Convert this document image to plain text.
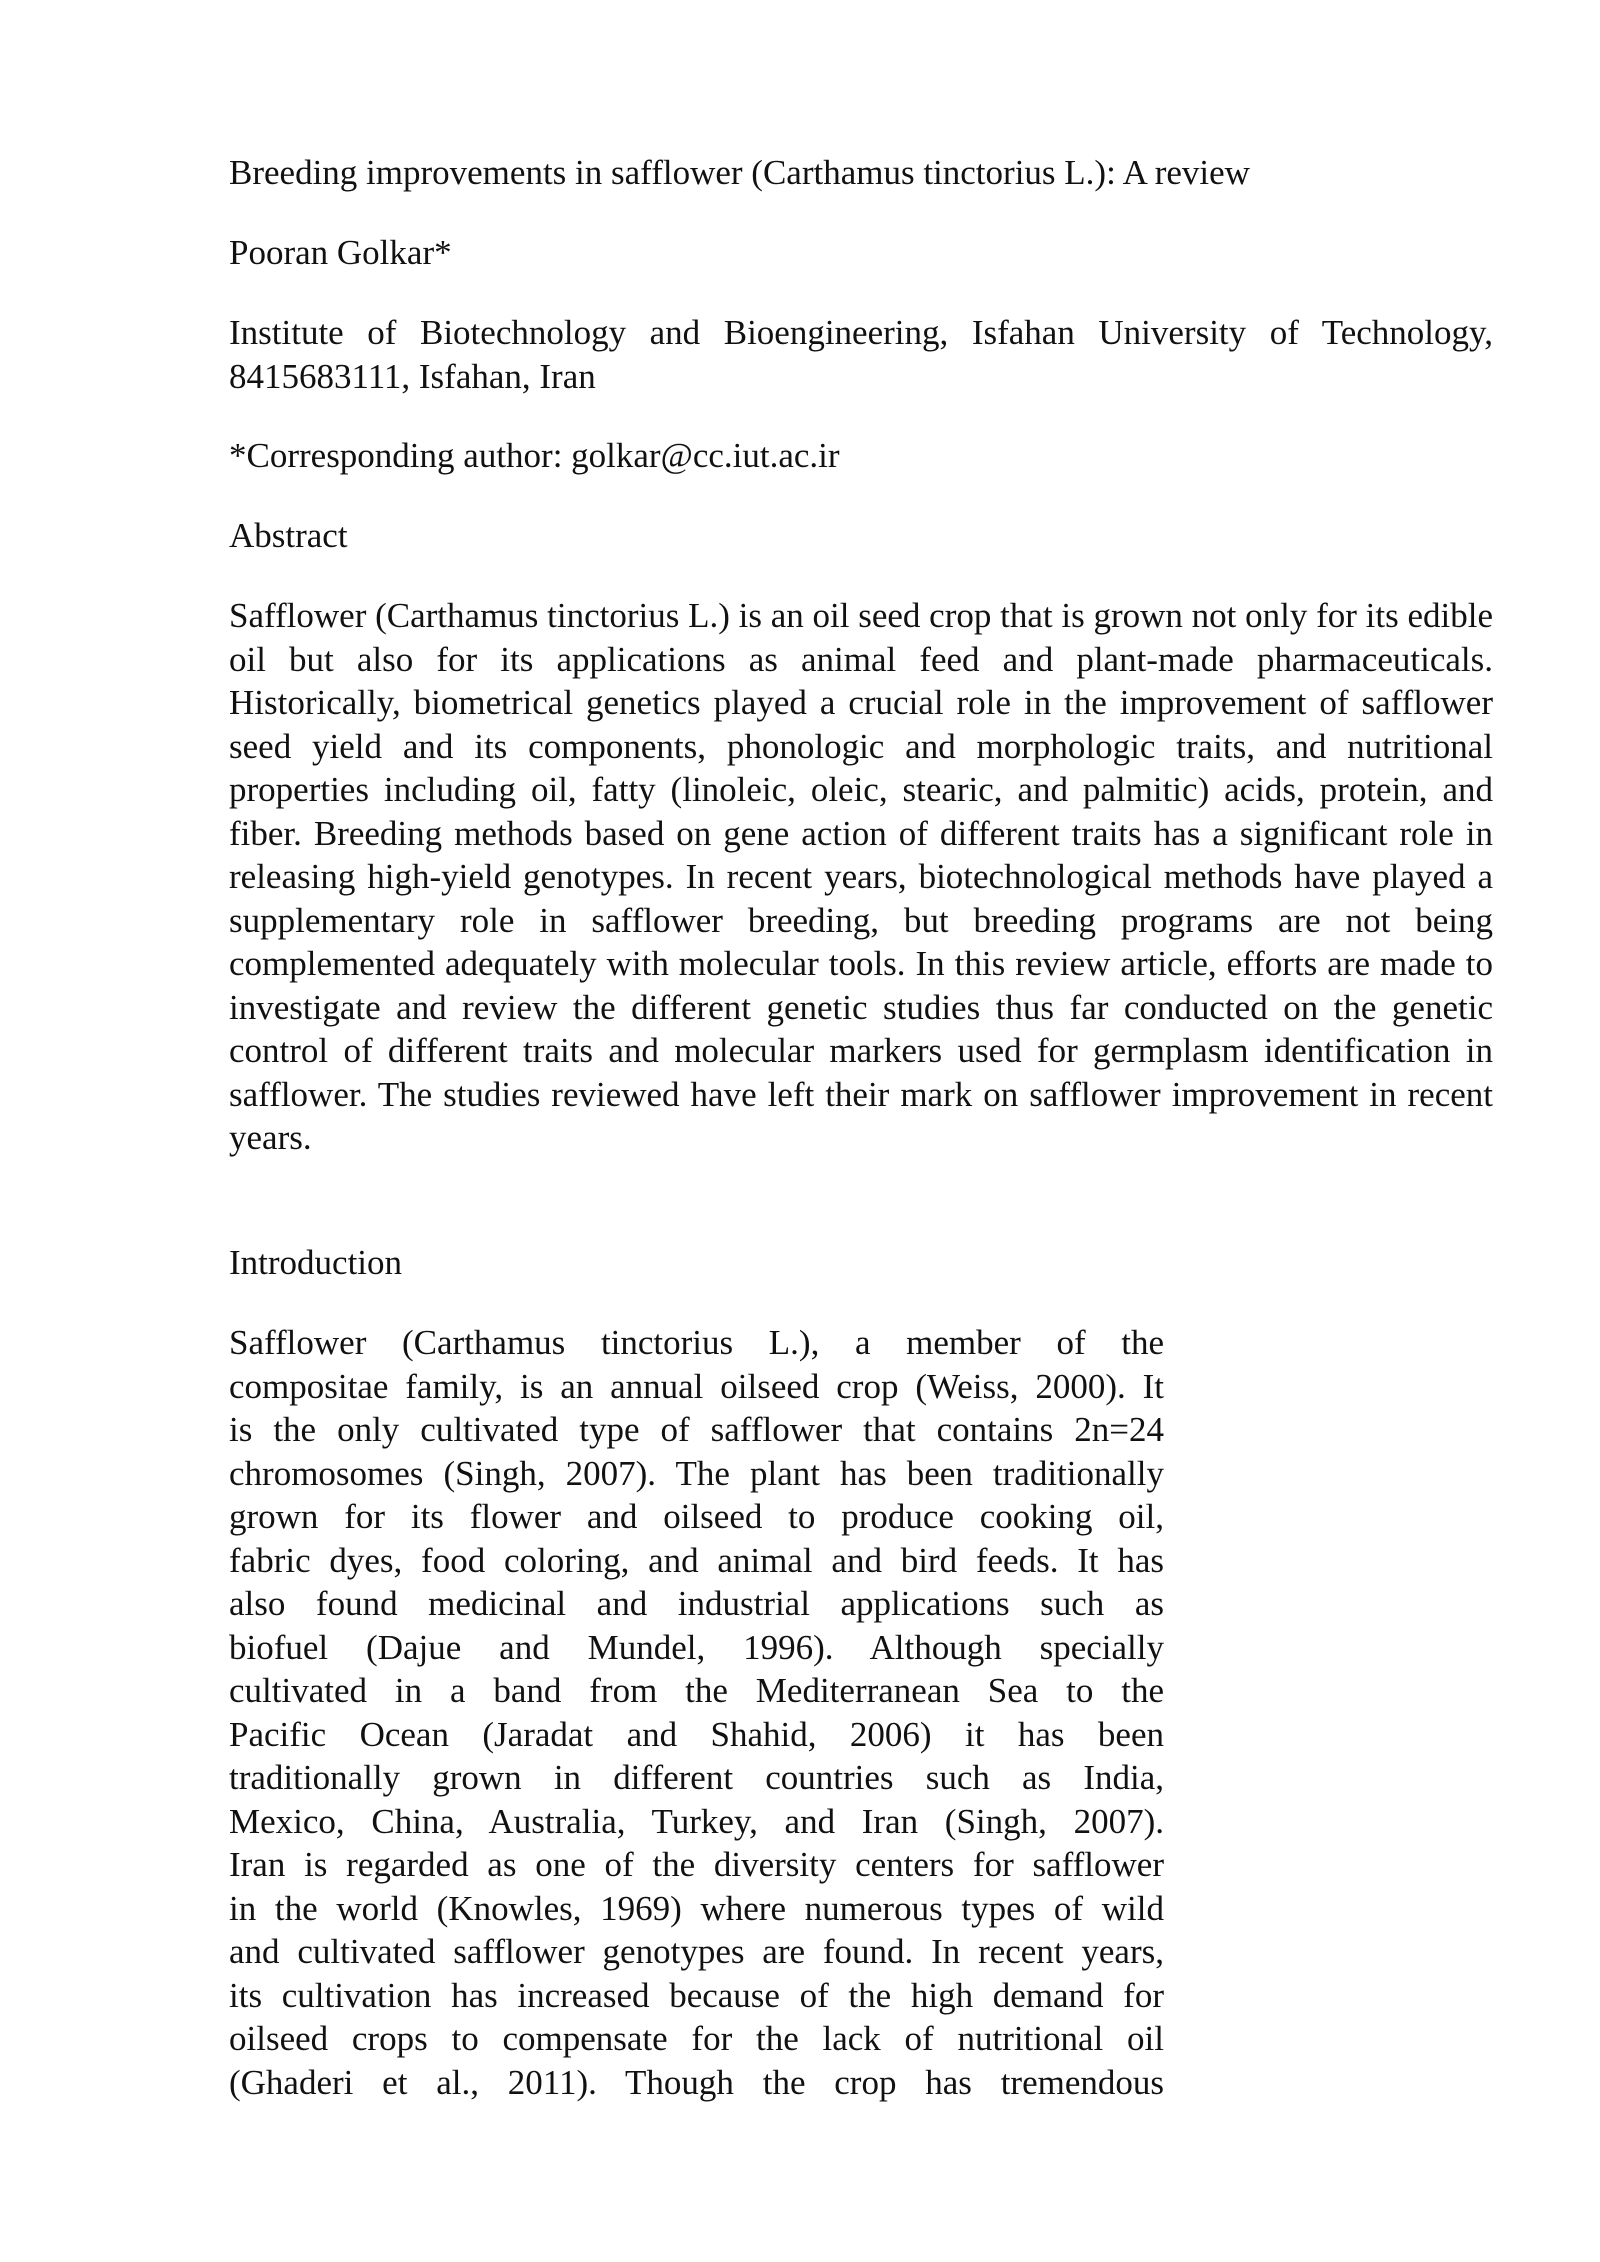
Breeding improvements in safflower (Carthamus tinctorius L.): A review

Pooran Golkar*

Institute of Biotechnology and Bioengineering, Isfahan University of Technology, 8415683111, Isfahan, Iran

*Corresponding author: golkar@cc.iut.ac.ir

Abstract

Safflower (Carthamus tinctorius L.) is an oil seed crop that is grown not only for its edible oil but also for its applications as animal feed and plant-made pharmaceuticals. Historically, biometrical genetics played a crucial role in the improvement of safflower seed yield and its components, phonologic and morphologic traits, and nutritional properties including oil, fatty (linoleic, oleic, stearic, and palmitic) acids, protein, and fiber. Breeding methods based on gene action of different traits has a significant role in releasing high-yield genotypes. In recent years, biotechnological methods have played a supplementary role in safflower breeding, but breeding programs are not being complemented adequately with molecular tools. In this review article, efforts are made to investigate and review the different genetic studies thus far conducted on the genetic control of different traits and molecular markers used for germplasm identification in safflower. The studies reviewed have left their mark on safflower improvement in recent years.

Introduction

Safflower (Carthamus tinctorius L.), a member of the
compositae family, is an annual oilseed crop (Weiss, 2000). It
is the only cultivated type of safflower that contains 2n=24
chromosomes (Singh, 2007). The plant has been traditionally
grown for its flower and oilseed to produce cooking oil,
fabric dyes, food coloring, and animal and bird feeds. It has
also found medicinal and industrial applications such as
biofuel (Dajue and Mundel, 1996). Although specially
cultivated in a band from the Mediterranean Sea to the
Pacific Ocean (Jaradat and Shahid, 2006) it has been
traditionally grown in different countries such as India,
Mexico, China, Australia, Turkey, and Iran (Singh, 2007).
Iran is regarded as one of the diversity centers for safflower
in the world (Knowles, 1969) where numerous types of wild
and cultivated safflower genotypes are found. In recent years,
its cultivation has increased because of the high demand for
oilseed crops to compensate for the lack of nutritional oil
(Ghaderi et al., 2011). Though the crop has tremendous
